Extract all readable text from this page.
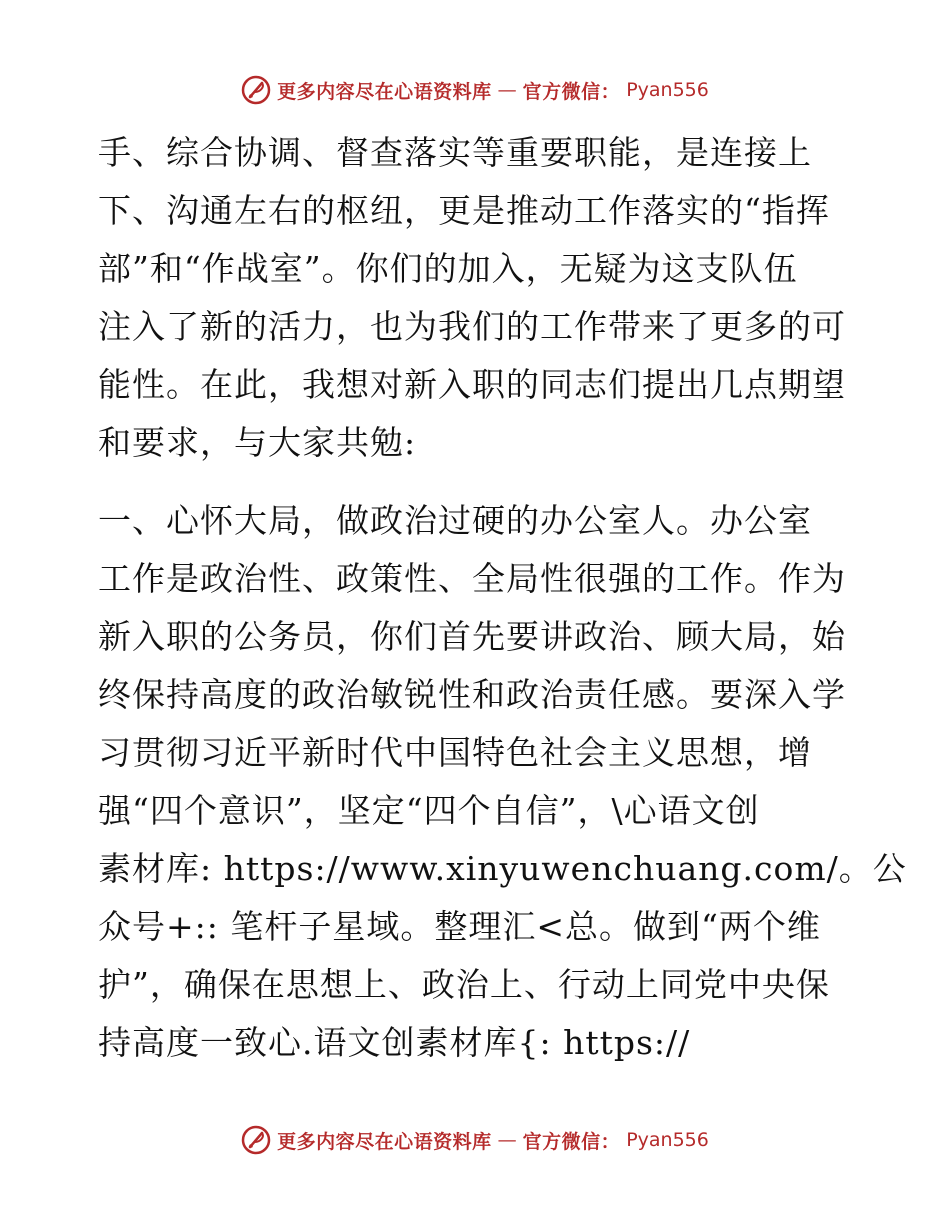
更多内容尽在心语资料库 — 官方微信： Pyan556
手、综合协调、督查落实等重要职能，是连接上
下、沟通左右的枢纽，更是推动工作落实的“指挥
部”和“作战室”。你们的加入，无疑为这支队伍
注入了新的活力，也为我们的工作带来了更多的可
能性。在此，我想对新入职的同志们提出几点期望
和要求，与大家共勉:
一、心怀大局，做政治过硬的办公室人。办公室
工作是政治性、政策性、全局性很强的工作。作为
新入职的公务员，你们首先要讲政治、顾大局，始
终保持高度的政治敏锐性和政治责任感。要深入学
习贯彻习近平新时代中国特色社会主义思想，增
强“四个意识”，坚定“四个自信”，\心语文创
素材库: https://www.xinyuwenchuang.com/。公
众号+:: 笔杆子星域。整理汇<总。做到“两个维
护”，确保在思想上、政治上、行动上同党中央保
持高度一致心.语文创素材库{: https://
更多内容尽在心语资料库 — 官方微信： Pyan556
